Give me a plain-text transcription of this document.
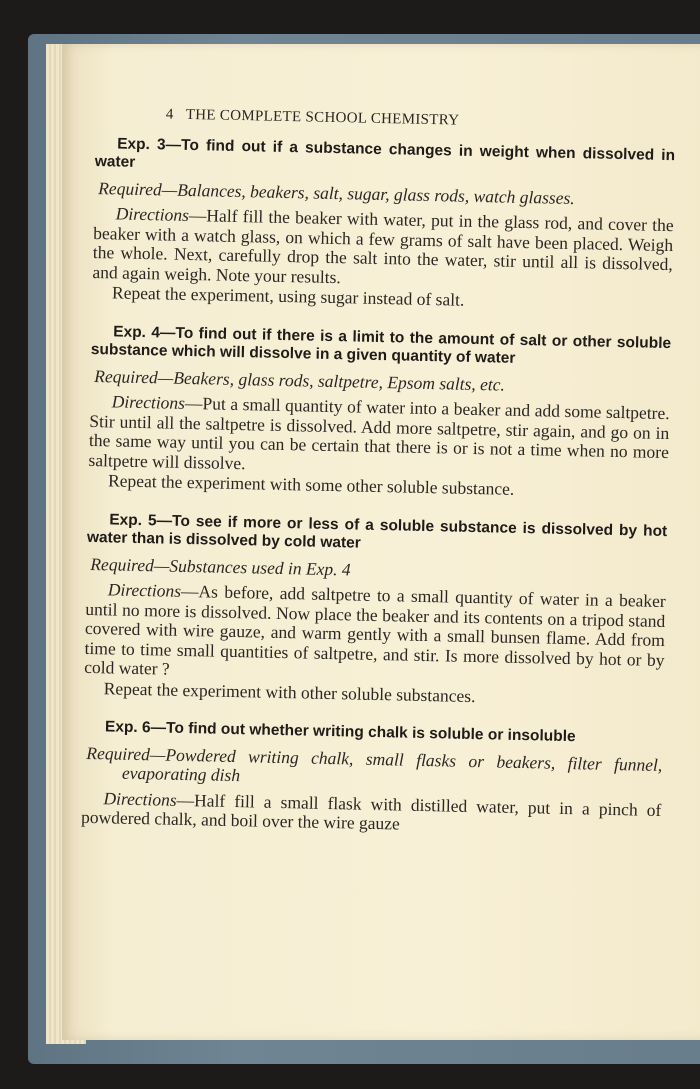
4 THE COMPLETE SCHOOL CHEMISTRY
Exp. 3—To find out if a substance changes in weight when dissolved in water
Required—Balances, beakers, salt, sugar, glass rods, watch glasses.
Directions—Half fill the beaker with water, put in the glass rod, and cover the beaker with a watch glass, on which a few grams of salt have been placed. Weigh the whole. Next, carefully drop the salt into the water, stir until all is dissolved, and again weigh. Note your results.
Repeat the experiment, using sugar instead of salt.
Exp. 4—To find out if there is a limit to the amount of salt or other soluble substance which will dissolve in a given quantity of water
Required—Beakers, glass rods, saltpetre, Epsom salts, etc.
Directions—Put a small quantity of water into a beaker and add some saltpetre. Stir until all the saltpetre is dissolved. Add more saltpetre, stir again, and go on in the same way until you can be certain that there is or is not a time when no more saltpetre will dissolve.
Repeat the experiment with some other soluble substance.
Exp. 5—To see if more or less of a soluble substance is dissolved by hot water than is dissolved by cold water
Required—Substances used in Exp. 4
Directions—As before, add saltpetre to a small quantity of water in a beaker until no more is dissolved. Now place the beaker and its contents on a tripod stand covered with wire gauze, and warm gently with a small bunsen flame. Add from time to time small quantities of saltpetre, and stir. Is more dissolved by hot or by cold water ?
Repeat the experiment with other soluble substances.
Exp. 6—To find out whether writing chalk is soluble or insoluble
Required—Powdered writing chalk, small flasks or beakers, filter funnel, evaporating dish
Directions—Half fill a small flask with distilled water, put in a pinch of powdered chalk, and boil over the wire gauze
